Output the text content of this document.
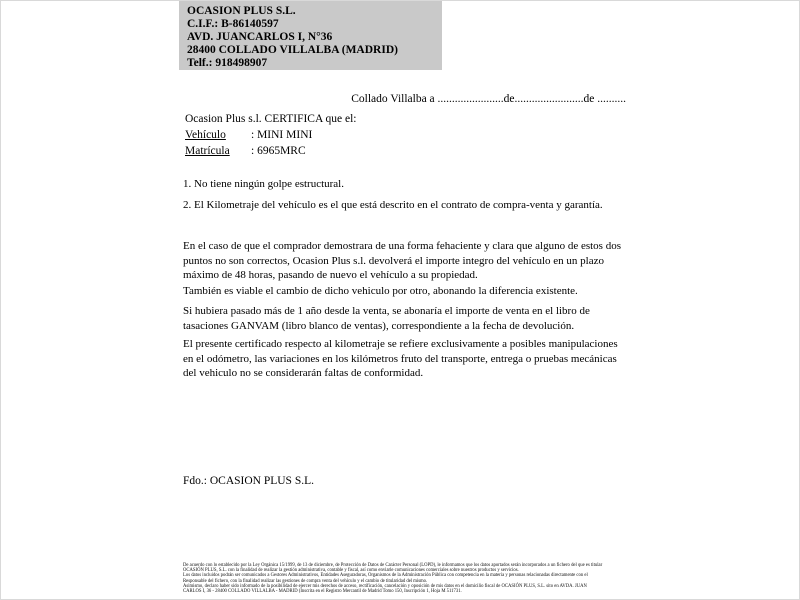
OCASION PLUS S.L.
C.I.F.: B-86140597
AVD. JUANCARLOS I, N°36
28400 COLLADO VILLALBA (MADRID)
Telf.: 918498907
Collado Villalba a .......................de........................de ..........
Ocasion Plus s.l. CERTIFICA que el:
Vehículo : MINI MINI
Matrícula : 6965MRC
1. No tiene ningún golpe estructural.
2. El Kilometraje del vehículo es el que está descrito en el contrato de compra-venta y garantía.
En el caso de que el comprador demostrara de una forma fehaciente y clara que alguno de estos dos puntos no son correctos, Ocasion Plus s.l. devolverá el importe integro del vehículo en un plazo máximo de 48 horas, pasando de nuevo el vehículo a su propiedad.
También es viable el cambio de dicho vehiculo por otro, abonando la diferencia existente.
Si hubiera pasado más de 1 año desde la venta, se abonaría el importe de venta en el libro de tasaciones GANVAM (libro blanco de ventas), correspondiente a la fecha de devolución.
El presente certificado respecto al kilometraje se refiere exclusivamente a posibles manipulaciones en el odómetro, las variaciones en los kilómetros fruto del transporte, entrega o pruebas mecánicas del vehiculo no se considerarán faltas de conformidad.
Fdo.: OCASION PLUS S.L.
De acuerdo con lo establecido por la Ley Orgánica 15/1999, de 13 de diciembre, de Protección de Datos de Carácter Personal (LOPD), le informamos que los datos aportados serán incorporados a un fichero del que es titular
OCASIÓN PLUS, S.L. con la finalidad de realizar la gestión administrativa, contable y fiscal, así como enviarle comunicaciones comerciales sobre nuestros productos y servicios.
Los datos incluidos podrán ser comunicados a Gestores Administrativos, Entidades Aseguradoras, Organismos de la Administración Pública con competencia en la materia y personas relacionadas directamente con el
Responsable del fichero, con la finalidad realizar las gestiones de compra venta del vehículo y el cambio de titularidad del mismo.
Asimismo, declaro haber sido informado de la posibilidad de ejercer mis derechos de acceso, rectificación, cancelación y oposición de mis datos en el domicilio fiscal de OCASIÓN PLUS, S.L. sito en AVDA. JUAN
CARLOS I, 36 - 28400 COLLADO VILLALBA - MADRID (Inscrita en el Registro Mercantil de Madrid Tomo 150, Inscripción 1, Hoja M 511731.
